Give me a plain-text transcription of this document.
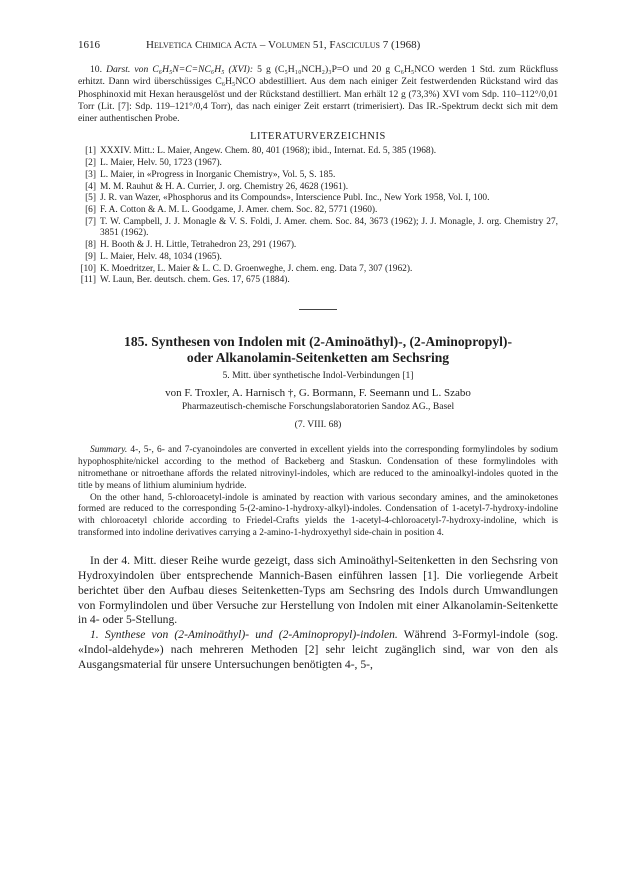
1616	Helvetica Chimica Acta – Volumen 51, Fasciculus 7 (1968)

10. Darst. von C₆H₅N=C=NC₆H₅ (XVI): 5 g (C₅H₁₀NCH₂)₃P=O und 20 g C₆H₅NCO werden 1 Std. zum Rückfluss erhitzt. Dann wird überschüssiges C₆H₅NCO abdestilliert. Aus dem nach einiger Zeit festwerdenden Rückstand wird das Phosphinoxid mit Hexan herausgelöst und der Rückstand destilliert. Man erhält 12 g (73,3%) XVI vom Sdp. 110–112°/0,01 Torr (Lit. [7]: Sdp. 119–121°/0,4 Torr), das nach einiger Zeit erstarrt (trimerisiert). Das IR.-Spektrum deckt sich mit dem einer authentischen Probe.

LITERATURVERZEICHNIS
[1] XXXIV. Mitt.: L. Maier, Angew. Chem. 80, 401 (1968); ibid., Internat. Ed. 5, 385 (1968).
[2] L. Maier, Helv. 50, 1723 (1967).
[3] L. Maier, in «Progress in Inorganic Chemistry», Vol. 5, S. 185.
[4] M. M. Rauhut & H. A. Currier, J. org. Chemistry 26, 4628 (1961).
[5] J. R. van Wazer, «Phosphorus and its Compounds», Interscience Publ. Inc., New York 1958, Vol. I, 100.
[6] F. A. Cotton & A. M. L. Goodgame, J. Amer. chem. Soc. 82, 5771 (1960).
[7] T. W. Campbell, J. J. Monagle & V. S. Foldi, J. Amer. chem. Soc. 84, 3673 (1962); J. J. Monagle, J. org. Chemistry 27, 3851 (1962).
[8] H. Booth & J. H. Little, Tetrahedron 23, 291 (1967).
[9] L. Maier, Helv. 48, 1034 (1965).
[10] K. Moedritzer, L. Maier & L. C. D. Groenweghe, J. chem. eng. Data 7, 307 (1962).
[11] W. Laun, Ber. deutsch. chem. Ges. 17, 675 (1884).

185. Synthesen von Indolen mit (2-Aminoäthyl)-, (2-Aminopropyl)-

oder Alkanolamin-Seitenketten am Sechsring

5. Mitt. über synthetische Indol-Verbindungen [1]
von F. Troxler, A. Harnisch †, G. Bormann, F. Seemann und L. Szabo
Pharmazeutisch-chemische Forschungslaboratorien Sandoz AG., Basel
(7. VIII. 68)

Summary. 4-, 5-, 6- and 7-cyanoindoles are converted in excellent yields into the corresponding formylindoles by sodium hypophosphite/nickel according to the method of Backeberg and Staskun. Condensation of these formylindoles with nitromethane or nitroethane affords the related nitrovinyl-indoles, which are reduced to the aminoalkyl-indoles quoted in the title by means of lithium aluminium hydride.

On the other hand, 5-chloroacetyl-indole is aminated by reaction with various secondary amines, and the aminoketones formed are reduced to the corresponding 5-(2-amino-1-hydroxy-alkyl)-indoles. Condensation of 1-acetyl-7-hydroxy-indoline with chloroacetyl chloride according to Friedel-Crafts yields the 1-acetyl-4-chloroacetyl-7-hydroxy-indoline, which is transformed into indoline derivatives carrying a 2-amino-1-hydroxyethyl side-chain in position 4.

In der 4. Mitt. dieser Reihe wurde gezeigt, dass sich Aminoäthyl-Seitenketten in den Sechsring von Hydroxyindolen über entsprechende Mannich-Basen einführen lassen [1]. Die vorliegende Arbeit berichtet über den Aufbau dieses Seitenketten-Typs am Sechsring des Indols durch Umwandlungen von Formylindolen und über Versuche zur Herstellung von Indolen mit einer Alkanolamin-Seitenkette in 4- oder 5-Stellung.

1. Synthese von (2-Aminoäthyl)- und (2-Aminopropyl)-indolen. Während 3-Formyl-indole (sog. «Indol-aldehyde») nach mehreren Methoden [2] sehr leicht zugänglich sind, war von den als Ausgangsmaterial für unsere Untersuchungen benötigten 4-, 5-,
